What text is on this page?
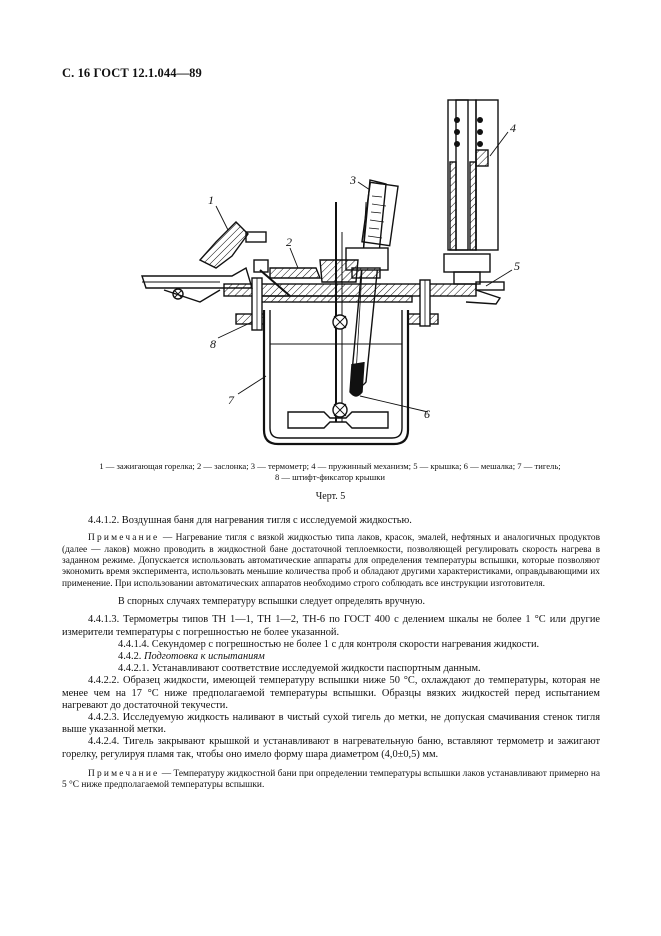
С. 16 ГОСТ 12.1.044—89
1
2
3
4
5
6
7
8
1 — зажигающая горелка; 2 — заслонка; 3 — термометр; 4 — пружинный механизм; 5 — крышка; 6 — мешалка; 7 — тигель;
8 — штифт-фиксатор крышки
Черт. 5

4.4.1.2. Воздушная баня для нагревания тигля с исследуемой жидкостью.

Примечание — Нагревание тигля с вязкой жидкостью типа лаков, красок, эмалей, нефтяных и аналогичных продуктов (далее — лаков) можно проводить в жидкостной бане достаточной теплоемкости, позволяющей регулировать скорость нагрева в заданном режиме. Допускается использовать автоматические аппараты для определения температуры вспышки, которые позволяют экономить время эксперимента, использовать меньшие количества проб и обладают другими характеристиками, оправдывающими их применение. При использовании автоматических аппаратов необходимо строго соблюдать все инструкции изготовителя.

В спорных случаях температуру вспышки следует определять вручную.

4.4.1.3. Термометры типов ТН 1—1, ТН 1—2, ТН-6 по ГОСТ 400 с делением шкалы не более 1 °С или другие измерители температуры с погрешностью не более указанной.

4.4.1.4. Секундомер с погрешностью не более 1 с для контроля скорости нагревания жидкости.

4.4.2. Подготовка к испытаниям

4.4.2.1. Устанавливают соответствие исследуемой жидкости паспортным данным.

4.4.2.2. Образец жидкости, имеющей температуру вспышки ниже 50 °С, охлаждают до температуры, которая не менее чем на 17 °С ниже предполагаемой температуры вспышки. Образцы вязких жидкостей перед испытанием нагревают до достаточной текучести.

4.4.2.3. Исследуемую жидкость наливают в чистый сухой тигель до метки, не допуская смачивания стенок тигля выше указанной метки.

4.4.2.4. Тигель закрывают крышкой и устанавливают в нагревательную баню, вставляют термометр и зажигают горелку, регулируя пламя так, чтобы оно имело форму шара диаметром (4,0±0,5) мм.

Примечание — Температуру жидкостной бани при определении температуры вспышки лаков устанавливают примерно на 5 °С ниже предполагаемой температуры вспышки.
